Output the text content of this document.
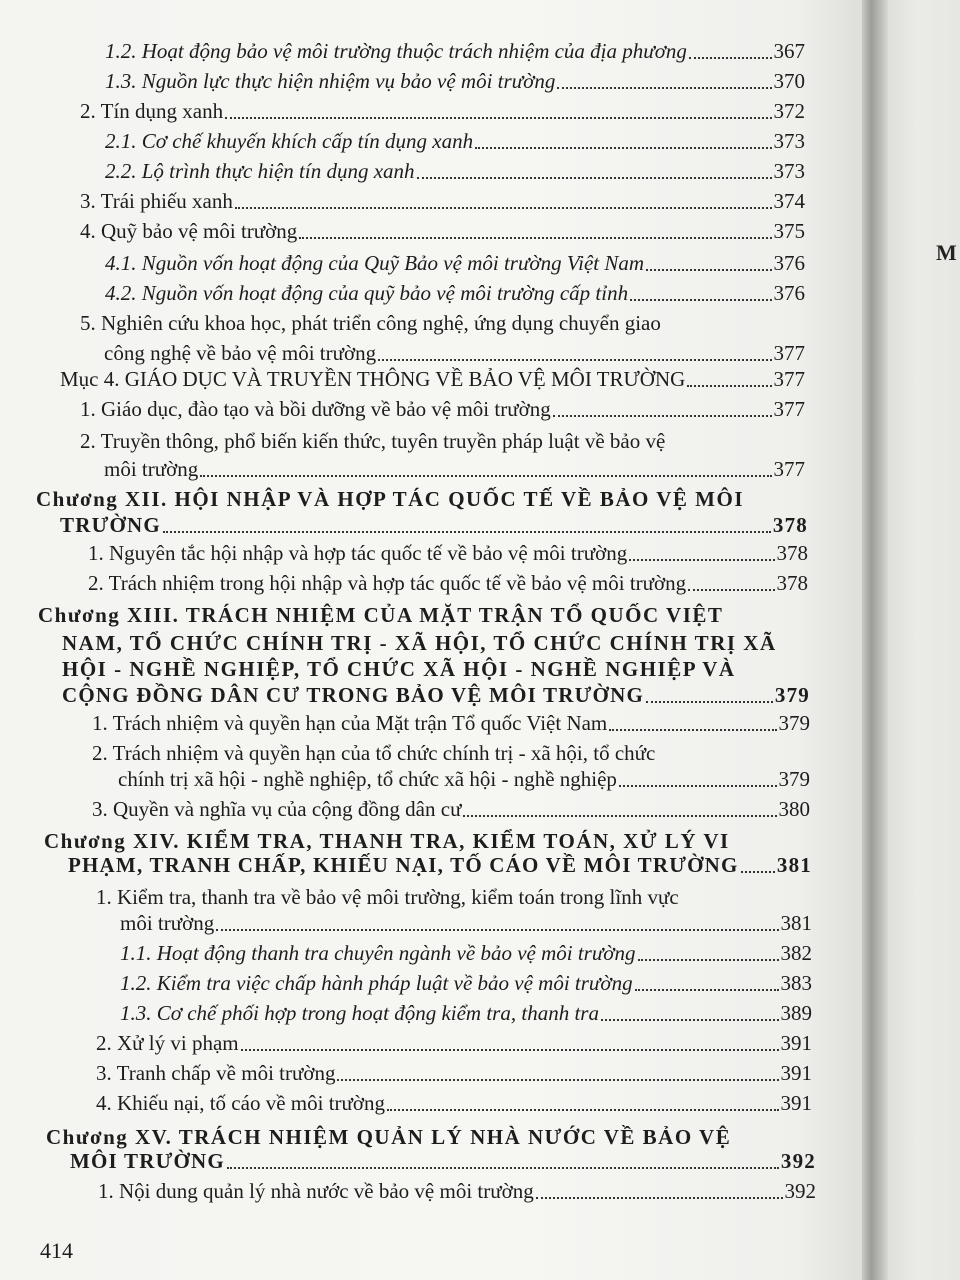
M
1.2. Hoạt động bảo vệ môi trường thuộc trách nhiệm của địa phương	367
1.3. Nguồn lực thực hiện nhiệm vụ bảo vệ môi trường	370
2. Tín dụng xanh	372
2.1. Cơ chế khuyến khích cấp tín dụng xanh	373
2.2. Lộ trình thực hiện tín dụng xanh	373
3. Trái phiếu xanh	374
4. Quỹ bảo vệ môi trường	375
4.1. Nguồn vốn hoạt động của Quỹ Bảo vệ môi trường Việt Nam	376
4.2. Nguồn vốn hoạt động của quỹ bảo vệ môi trường cấp tỉnh	376
5. Nghiên cứu khoa học, phát triển công nghệ, ứng dụng chuyển giao
công nghệ về bảo vệ môi trường	377
Mục 4. GIÁO DỤC VÀ TRUYỀN THÔNG VỀ BẢO VỆ MÔI TRƯỜNG	377
1. Giáo dục, đào tạo và bồi dưỡng về bảo vệ môi trường	377
2. Truyền thông, phổ biến kiến thức, tuyên truyền pháp luật về bảo vệ
môi trường	377
Chương XII. HỘI NHẬP VÀ HỢP TÁC QUỐC TẾ VỀ BẢO VỆ MÔI
TRƯỜNG	378
1. Nguyên tắc hội nhập và hợp tác quốc tế về bảo vệ môi trường	378
2. Trách nhiệm trong hội nhập và hợp tác quốc tế về bảo vệ môi trường	378
Chương XIII. TRÁCH NHIỆM CỦA MẶT TRẬN TỔ QUỐC VIỆT
NAM, TỔ CHỨC CHÍNH TRỊ - XÃ HỘI, TỔ CHỨC CHÍNH TRỊ XÃ
HỘI - NGHỀ NGHIỆP, TỔ CHỨC XÃ HỘI - NGHỀ NGHIỆP VÀ
CỘNG ĐỒNG DÂN CƯ TRONG BẢO VỆ MÔI TRƯỜNG	379
1. Trách nhiệm và quyền hạn của Mặt trận Tổ quốc Việt Nam	379
2. Trách nhiệm và quyền hạn của tổ chức chính trị - xã hội, tổ chức
chính trị xã hội - nghề nghiệp, tổ chức xã hội - nghề nghiệp	379
3. Quyền và nghĩa vụ của cộng đồng dân cư	380
Chương XIV. KIỂM TRA, THANH TRA, KIỂM TOÁN, XỬ LÝ VI
PHẠM, TRANH CHẤP, KHIẾU NẠI, TỐ CÁO VỀ MÔI TRƯỜNG 381
1. Kiểm tra, thanh tra về bảo vệ môi trường, kiểm toán trong lĩnh vực
môi trường	381
1.1. Hoạt động thanh tra chuyên ngành về bảo vệ môi trường	382
1.2. Kiểm tra việc chấp hành pháp luật về bảo vệ môi trường	383
1.3. Cơ chế phối hợp trong hoạt động kiểm tra, thanh tra	389
2. Xử lý vi phạm	391
3. Tranh chấp về môi trường	391
4. Khiếu nại, tố cáo về môi trường	391
Chương XV. TRÁCH NHIỆM QUẢN LÝ NHÀ NƯỚC VỀ BẢO VỆ
MÔI TRƯỜNG	392
1. Nội dung quản lý nhà nước về bảo vệ môi trường	392
414
